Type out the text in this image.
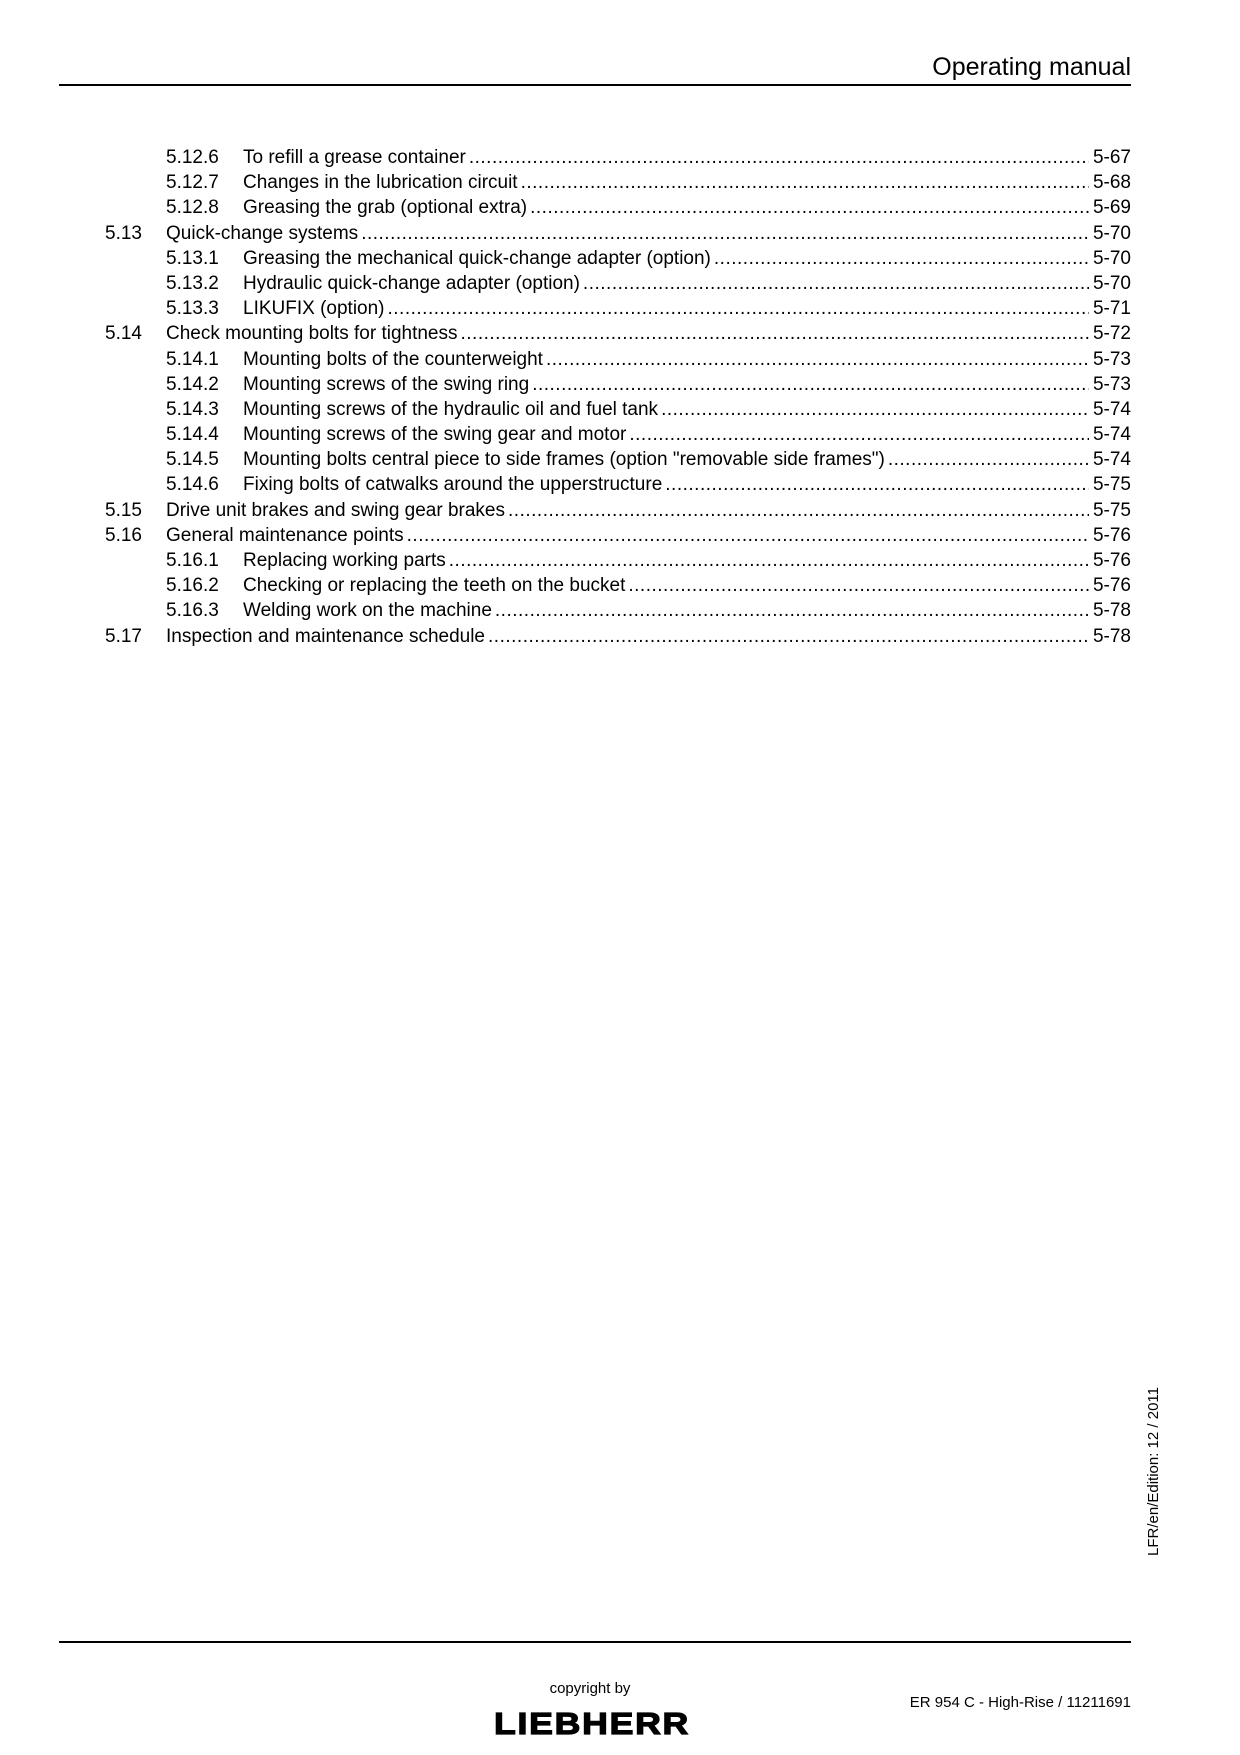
Operating manual
5.12.6	To refill a grease container .....	5-67
5.12.7	Changes in the lubrication circuit .....	5-68
5.12.8	Greasing the grab (optional extra) .....	5-69
5.13	Quick-change systems .....	5-70
5.13.1	Greasing the mechanical quick-change adapter (option) .....	5-70
5.13.2	Hydraulic quick-change adapter (option) .....	5-70
5.13.3	LIKUFIX (option) .....	5-71
5.14	Check mounting bolts for tightness .....	5-72
5.14.1	Mounting bolts of the counterweight .....	5-73
5.14.2	Mounting screws of the swing ring .....	5-73
5.14.3	Mounting screws of the hydraulic oil and fuel tank .....	5-74
5.14.4	Mounting screws of the swing gear and motor .....	5-74
5.14.5	Mounting bolts central piece to side frames (option "removable side frames") .....	5-74
5.14.6	Fixing bolts of catwalks around the upperstructure .....	5-75
5.15	Drive unit brakes and swing gear brakes .....	5-75
5.16	General maintenance points .....	5-76
5.16.1	Replacing working parts .....	5-76
5.16.2	Checking or replacing the teeth on the bucket .....	5-76
5.16.3	Welding work on the machine .....	5-78
5.17	Inspection and maintenance schedule .....	5-78
LFR/en/Edition: 12 / 2011
copyright by
LIEBHERR
ER 954 C - High-Rise / 11211691
